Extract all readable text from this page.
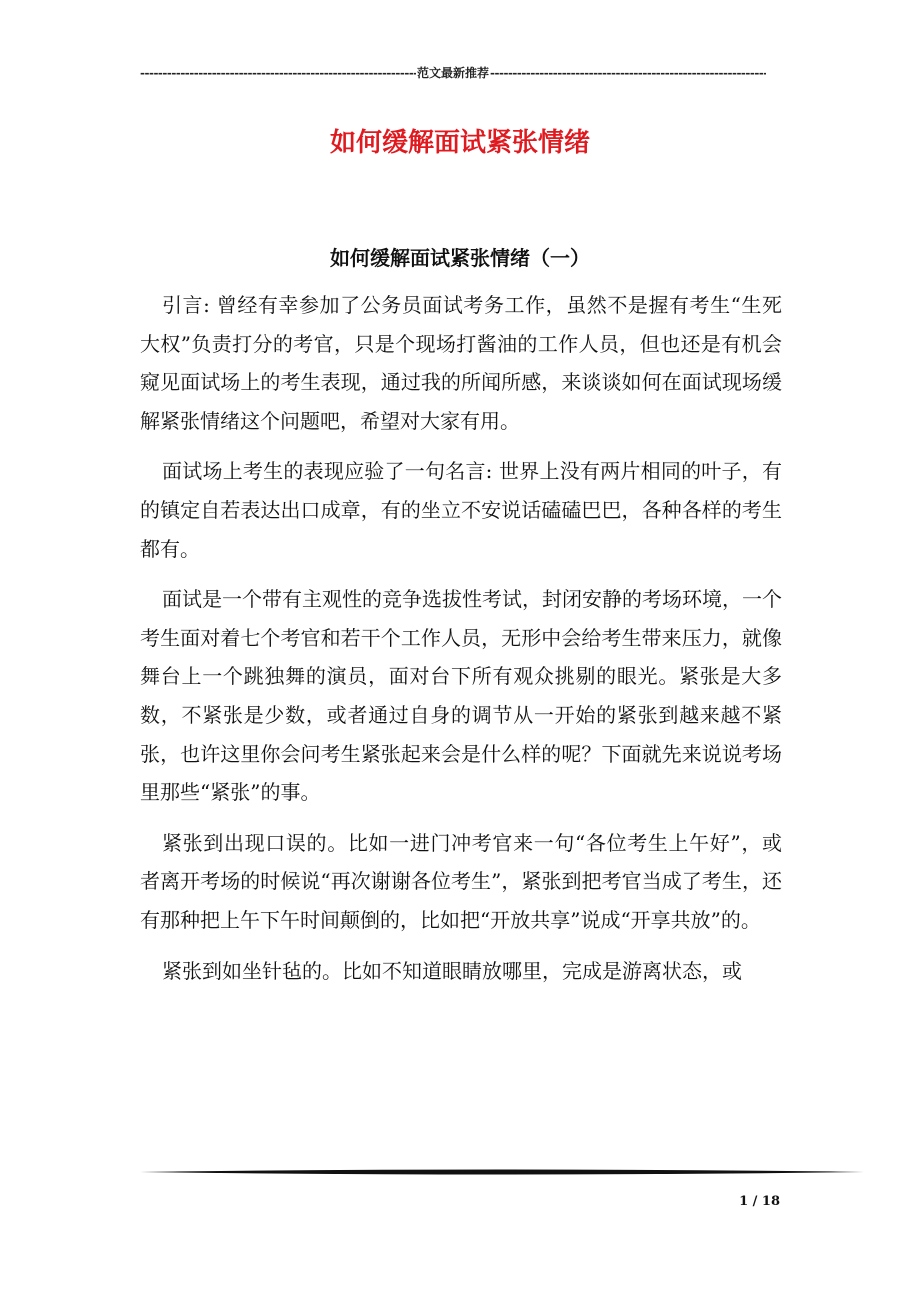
-----
范文最新推荐
-----
如何缓解面试紧张情绪
如何缓解面试紧张情绪（一）

引言: 曾经有幸参加了公务员面试考务工作，虽然不是握有考生“生死大权”负责打分的考官，只是个现场打酱油的工作人员，但也还是有机会窥见面试场上的考生表现，通过我的所闻所感，来谈谈如何在面试现场缓解紧张情绪这个问题吧，希望对大家有用。

面试场上考生的表现应验了一句名言: 世界上没有两片相同的叶子，有的镇定自若表达出口成章，有的坐立不安说话磕磕巴巴，各种各样的考生都有。

面试是一个带有主观性的竞争选拔性考试，封闭安静的考场环境，一个考生面对着七个考官和若干个工作人员，无形中会给考生带来压力，就像舞台上一个跳独舞的演员，面对台下所有观众挑剔的眼光。紧张是大多数，不紧张是少数，或者通过自身的调节从一开始的紧张到越来越不紧张，也许这里你会问考生紧张起来会是什么样的呢？下面就先来说说考场里那些“紧张”的事。

紧张到出现口误的。比如一进门冲考官来一句“各位考生上午好”，或者离开考场的时候说“再次谢谢各位考生”，紧张到把考官当成了考生，还有那种把上午下午时间颠倒的，比如把“开放共享”说成“开享共放”的。

紧张到如坐针毡的。比如不知道眼睛放哪里，完成是游离状态，或

1 / 18
